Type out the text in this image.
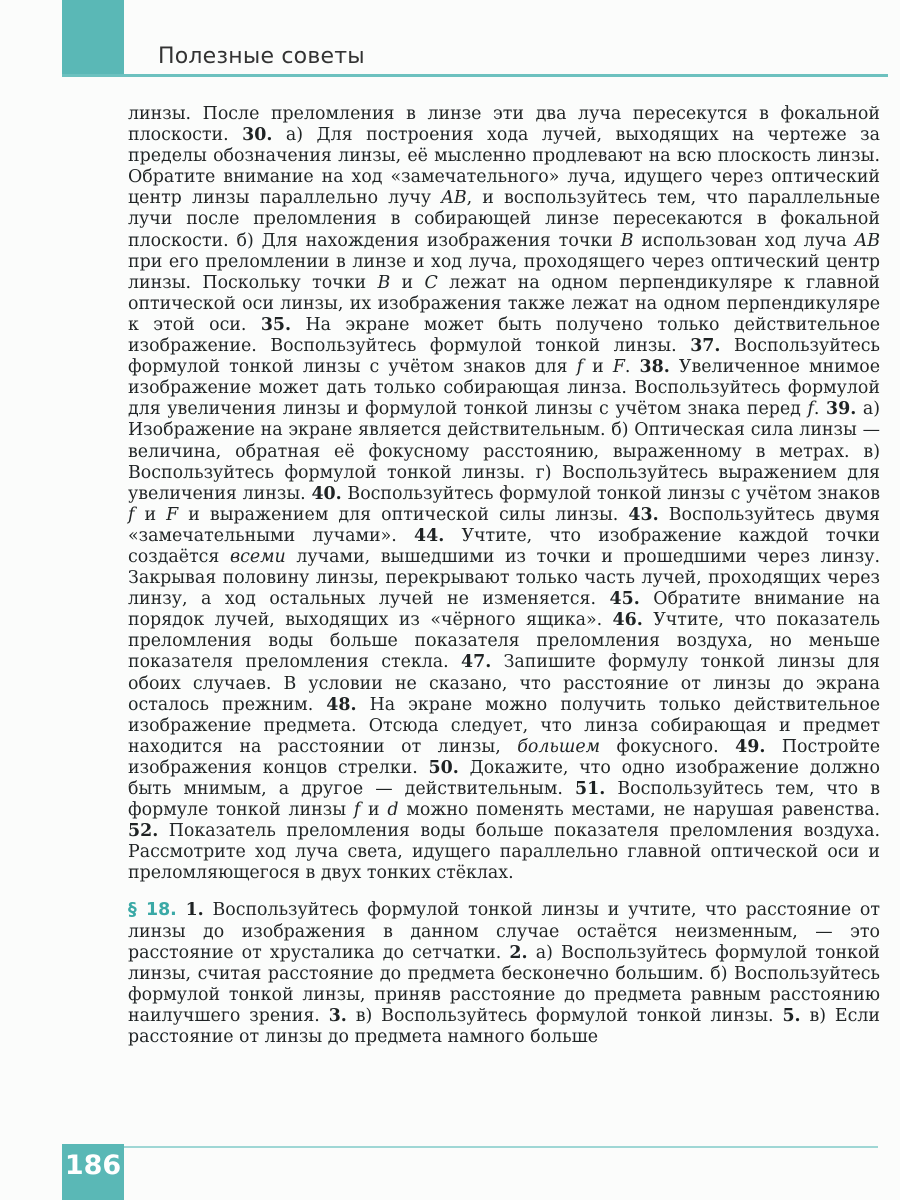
Полезные советы

линзы. После преломления в линзе эти два луча пересекутся в фокальной плоскости. 30. а) Для построения хода лучей, выходящих на чертеже за пределы обозначения линзы, её мысленно продлевают на всю плоскость линзы. Обратите внимание на ход «замечательного» луча, идущего через оптический центр линзы параллельно лучу AB, и воспользуйтесь тем, что параллельные лучи после преломления в собирающей линзе пересекаются в фокальной плоскости. б) Для нахождения изображения точки B использован ход луча AB при его преломлении в линзе и ход луча, проходящего через оптический центр линзы. Поскольку точки B и C лежат на одном перпендикуляре к главной оптической оси линзы, их изображения также лежат на одном перпендикуляре к этой оси. 35. На экране может быть получено только действительное изображение. Воспользуйтесь формулой тонкой линзы. 37. Воспользуйтесь формулой тонкой линзы с учётом знаков для f и F. 38. Увеличенное мнимое изображение может дать только собирающая линза. Воспользуйтесь формулой для увеличения линзы и формулой тонкой линзы с учётом знака перед f. 39. а) Изображение на экране является действительным. б) Оптическая сила линзы — величина, обратная её фокусному расстоянию, выраженному в метрах. в) Воспользуйтесь формулой тонкой линзы. г) Воспользуйтесь выражением для увеличения линзы. 40. Воспользуйтесь формулой тонкой линзы с учётом знаков f и F и выражением для оптической силы линзы. 43. Воспользуйтесь двумя «замечательными лучами». 44. Учтите, что изображение каждой точки создаётся всеми лучами, вышедшими из точки и прошедшими через линзу. Закрывая половину линзы, перекрывают только часть лучей, проходящих через линзу, а ход остальных лучей не изменяется. 45. Обратите внимание на порядок лучей, выходящих из «чёрного ящика». 46. Учтите, что показатель преломления воды больше показателя преломления воздуха, но меньше показателя преломления стекла. 47. Запишите формулу тонкой линзы для обоих случаев. В условии не сказано, что расстояние от линзы до экрана осталось прежним. 48. На экране можно получить только действительное изображение предмета. Отсюда следует, что линза собирающая и предмет находится на расстоянии от линзы, большем фокусного. 49. Постройте изображения концов стрелки. 50. Докажите, что одно изображение должно быть мнимым, а другое — действительным. 51. Воспользуйтесь тем, что в формуле тонкой линзы f и d можно поменять местами, не нарушая равенства. 52. Показатель преломления воды больше показателя преломления воздуха. Рассмотрите ход луча света, идущего параллельно главной оптической оси и преломляющегося в двух тонких стёклах.

§ 18. 1. Воспользуйтесь формулой тонкой линзы и учтите, что расстояние от линзы до изображения в данном случае остаётся неизменным, — это расстояние от хрусталика до сетчатки. 2. а) Воспользуйтесь формулой тонкой линзы, считая расстояние до предмета бесконечно большим. б) Воспользуйтесь формулой тонкой линзы, приняв расстояние до предмета равным расстоянию наилучшего зрения. 3. в) Воспользуйтесь формулой тонкой линзы. 5. в) Если расстояние от линзы до предмета намного больше

186
